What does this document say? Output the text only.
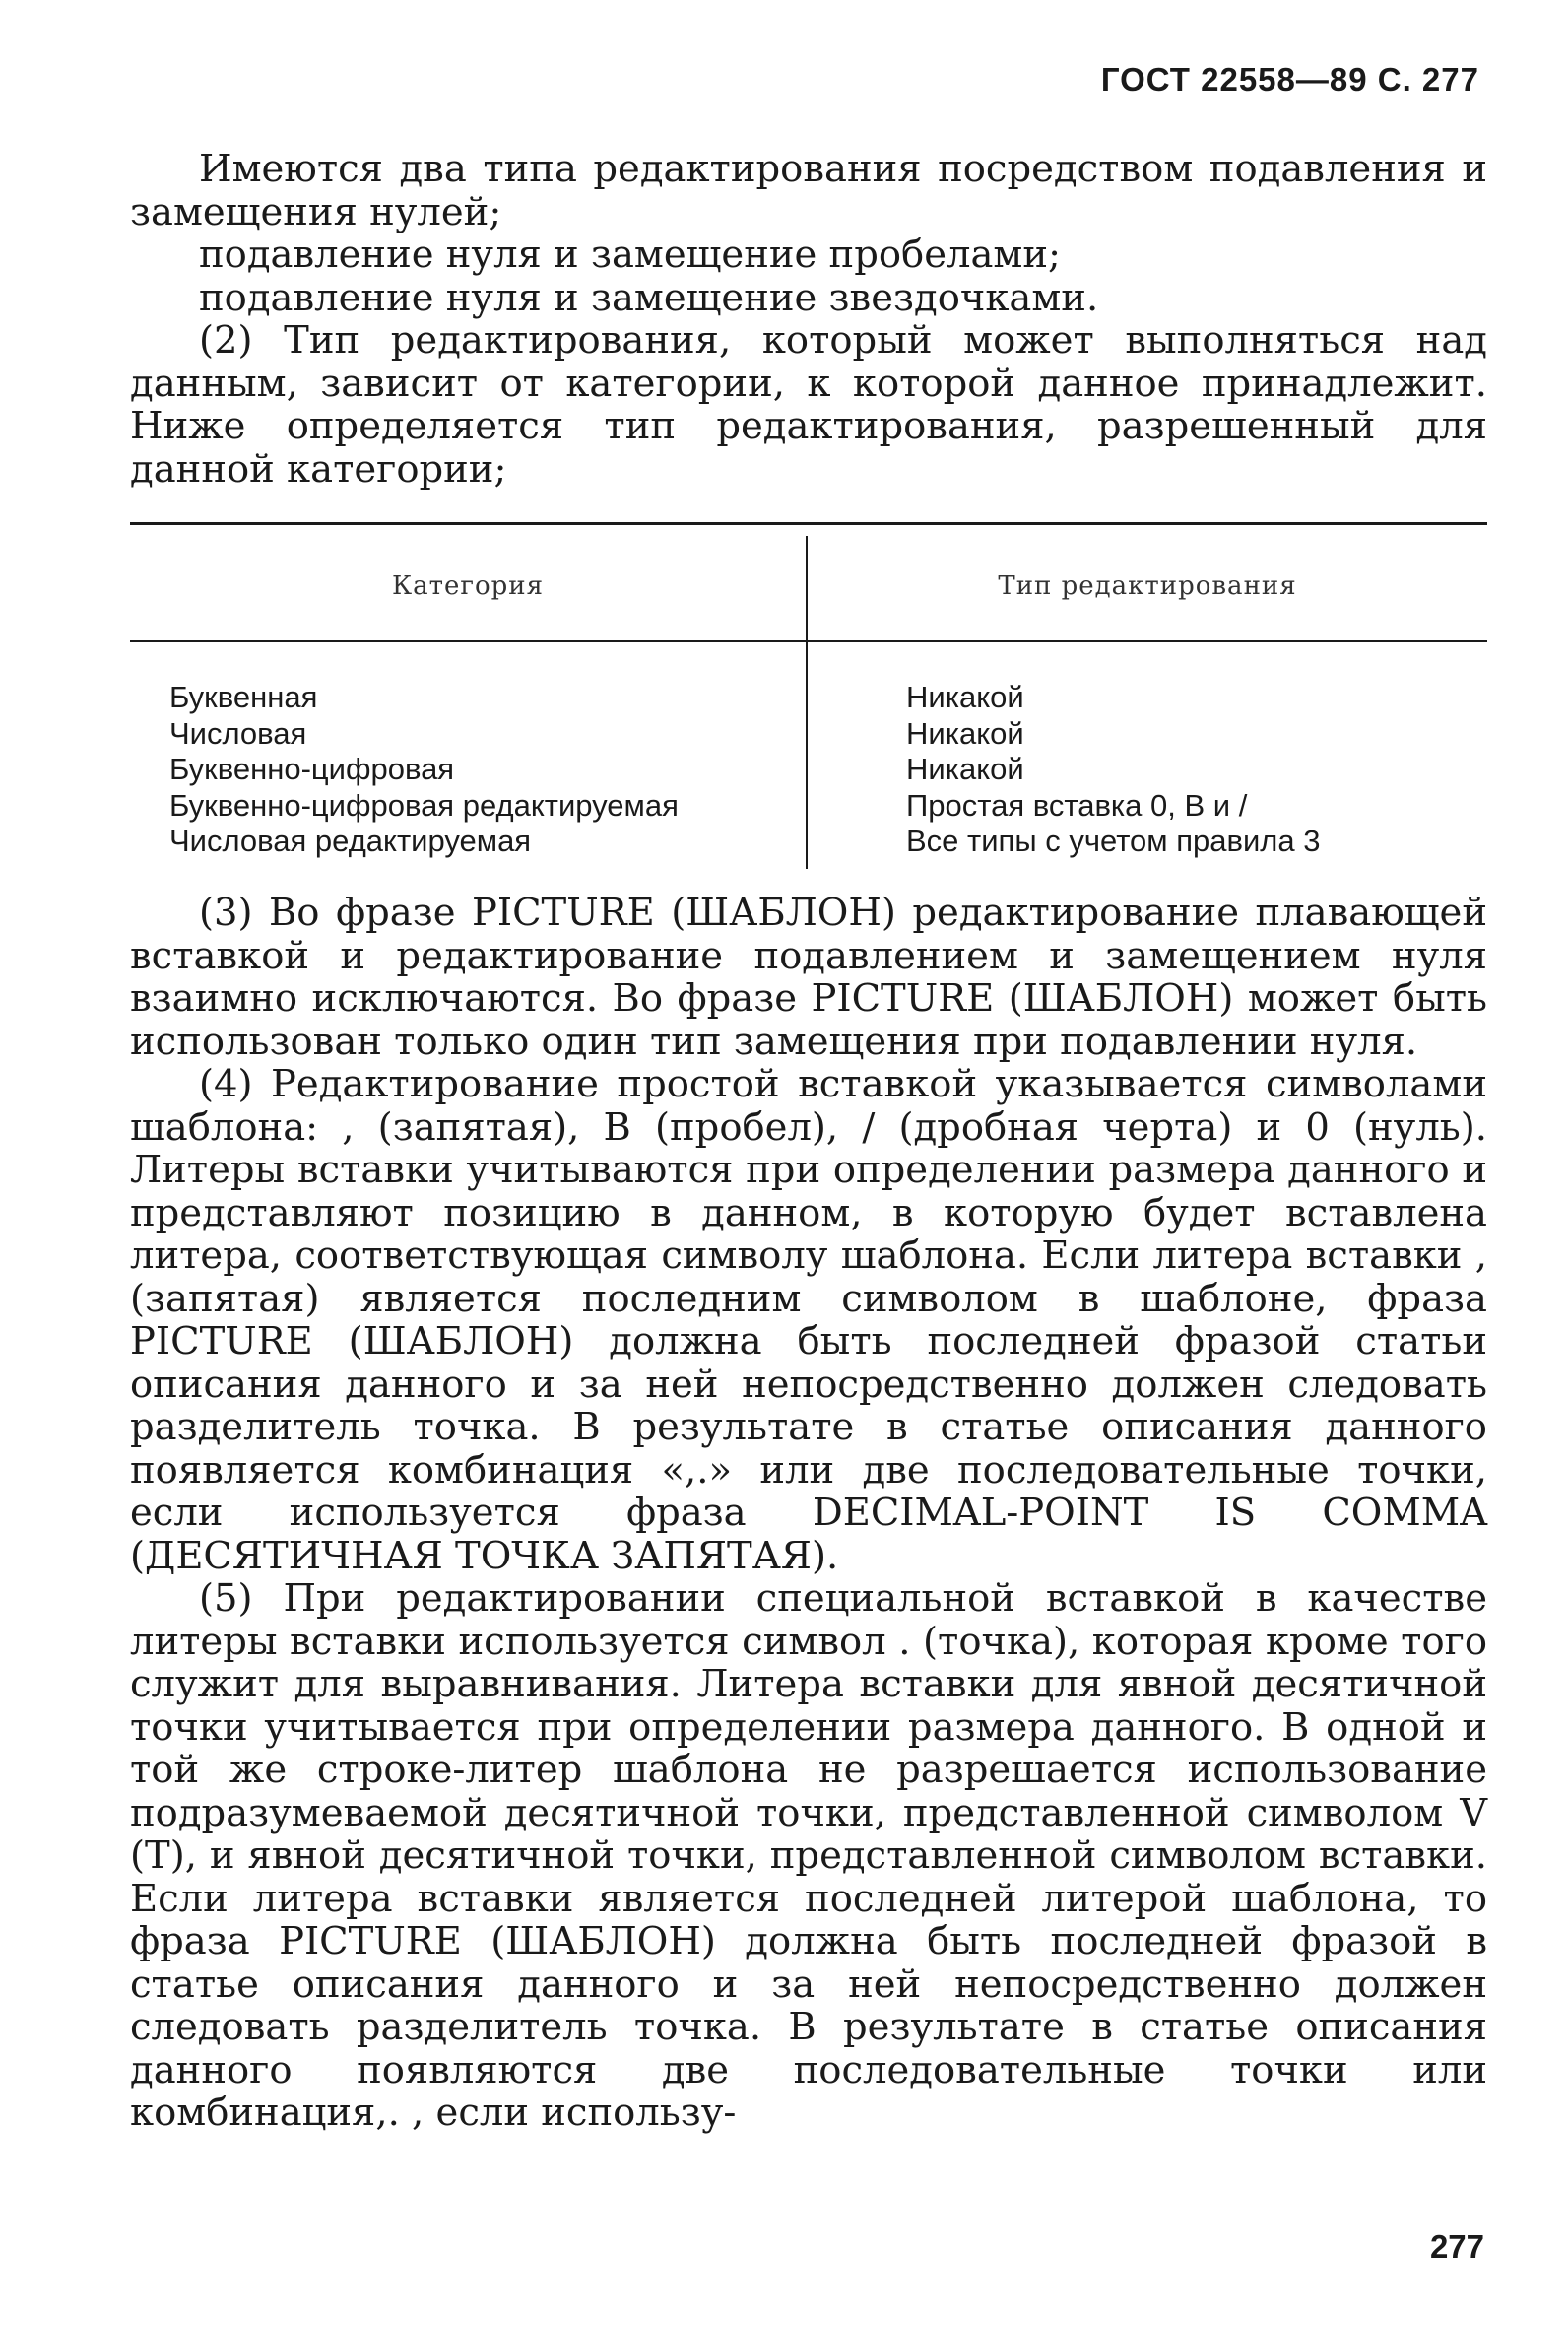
ГОСТ 22558—89 С. 277

Имеются два типа редактирования посредством подавления и замещения нулей;

подавление нуля и замещение пробелами;

подавление нуля и замещение звездочками.

(2) Тип редактирования, который может выполняться над данным, зависит от категории, к которой данное принадлежит. Ниже определяется тип редактирования, разрешенный для данной категории;

Категория	Тип редактирования
Буквенная
Числовая
Буквенно-цифровая
Буквенно-цифровая редактируемая
Числовая редактируемая
Никакой
Никакой
Никакой
Простая вставка 0, В и /
Все типы с учетом правила 3

(3) Во фразе PICTURE (ШАБЛОН) редактирование плавающей вставкой и редактирование подавлением и замещением нуля взаимно исключаются. Во фразе PICTURE (ШАБЛОН) может быть использован только один тип замещения при подавлении нуля.

(4) Редактирование простой вставкой указывается символами шаблона: , (запятая), В (пробел), / (дробная черта) и 0 (нуль). Литеры вставки учитываются при определении размера данного и представляют позицию в данном, в которую будет вставлена литера, соответствующая символу шаблона. Если литера вставки , (запятая) является последним символом в шаблоне, фраза PICTURE (ШАБЛОН) должна быть последней фразой статьи описания данного и за ней непосредственно должен следовать разделитель точка. В результате в статье описания данного появляется комбинация «,.» или две последовательные точки, если используется фраза DECIMAL-POINT IS COMMA (ДЕСЯТИЧНАЯ ТОЧКА ЗАПЯТАЯ).

(5) При редактировании специальной вставкой в качестве литеры вставки используется символ . (точка), которая кроме того служит для выравнивания. Литера вставки для явной десятичной точки учитывается при определении размера данного. В одной и той же строке-литер шаблона не разрешается использование подразумеваемой десятичной точки, представленной символом V (Т), и явной десятичной точки, представленной символом вставки. Если литера вставки является последней литерой шаблона, то фраза PICTURE (ШАБЛОН) должна быть последней фразой в статье описания данного и за ней непосредственно должен следовать разделитель точка. В результате в статье описания данного появляются две последовательные точки или комбинация,. , если использу-

277
